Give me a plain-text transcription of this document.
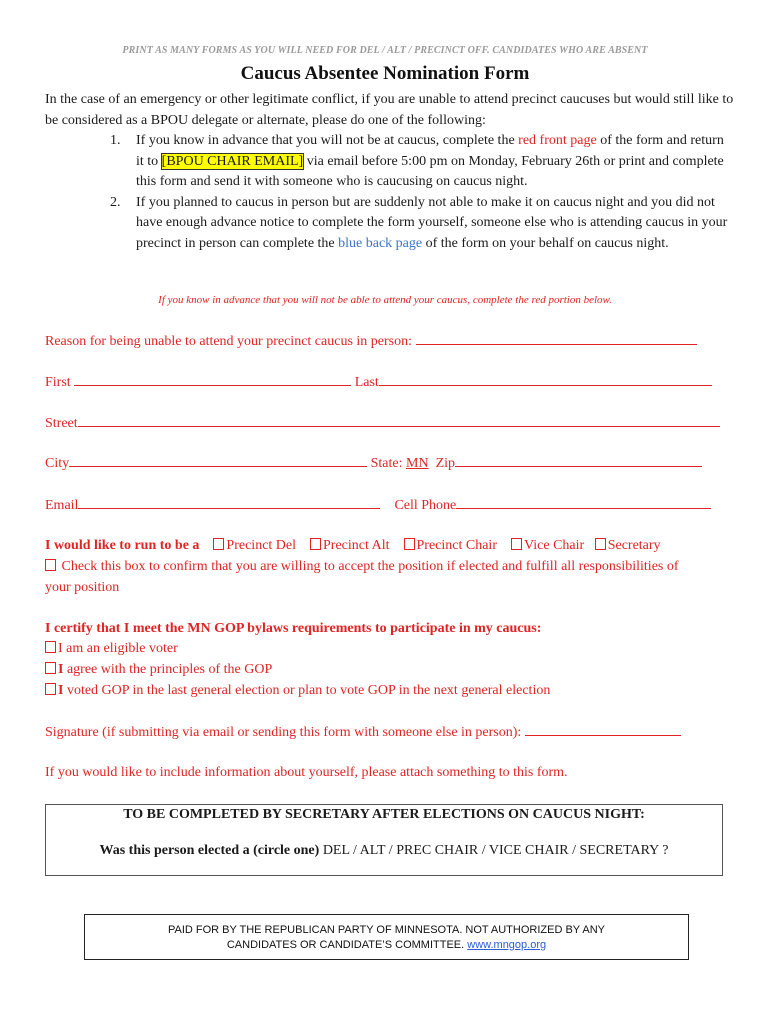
PRINT AS MANY FORMS AS YOU WILL NEED FOR DEL / ALT / PRECINCT OFF. CANDIDATES WHO ARE ABSENT
Caucus Absentee Nomination Form
In the case of an emergency or other legitimate conflict, if you are unable to attend precinct caucuses but would still like to be considered as a BPOU delegate or alternate, please do one of the following:
1. If you know in advance that you will not be at caucus, complete the red front page of the form and return it to [BPOU CHAIR EMAIL] via email before 5:00 pm on Monday, February 26th or print and complete this form and send it with someone who is caucusing on caucus night.
2. If you planned to caucus in person but are suddenly not able to make it on caucus night and you did not have enough advance notice to complete the form yourself, someone else who is attending caucus in your precinct in person can complete the blue back page of the form on your behalf on caucus night.
If you know in advance that you will not be able to attend your caucus, complete the red portion below.
Reason for being unable to attend your precinct caucus in person:
First	Last
Street
City	State: MN Zip
Email	Cell Phone
I would like to run to be a Precinct Del Precinct Alt Precinct Chair Vice Chair Secretary
Check this box to confirm that you are willing to accept the position if elected and fulfill all responsibilities of
your position
I certify that I meet the MN GOP bylaws requirements to participate in my caucus:
I am an eligible voter
I agree with the principles of the GOP
I voted GOP in the last general election or plan to vote GOP in the next general election
Signature (if submitting via email or sending this form with someone else in person):
If you would like to include information about yourself, please attach something to this form.
TO BE COMPLETED BY SECRETARY AFTER ELECTIONS ON CAUCUS NIGHT:
Was this person elected a (circle one) DEL / ALT / PREC CHAIR / VICE CHAIR / SECRETARY ?
PAID FOR BY THE REPUBLICAN PARTY OF MINNESOTA. NOT AUTHORIZED BY ANY
CANDIDATES OR CANDIDATE’S COMMITTEE. www.mngop.org
